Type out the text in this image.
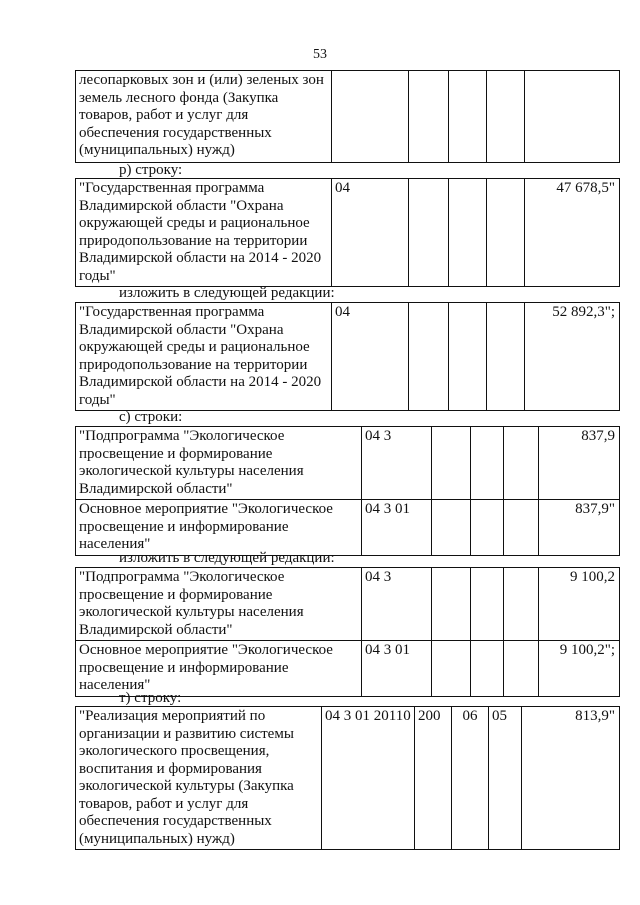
53
лесопарковых зон и (или) зеленых зон земель лесного фонда (Закупка товаров, работ и услуг для обеспечения государственных (муниципальных) нужд)					
р) строку:
"Государственная программа Владимирской области "Охрана окружающей среды и рациональное природопользование на территории Владимирской области на 2014 - 2020 годы"	04				47 678,5"
изложить в следующей редакции:
"Государственная программа Владимирской области "Охрана окружающей среды и рациональное природопользование на территории Владимирской области на 2014 - 2020 годы"	04				52 892,3";
с) строки:
"Подпрограмма "Экологическое просвещение и формирование экологической культуры населения Владимирской области"	04 3				837,9
Основное мероприятие "Экологическое просвещение и информирование населения"	04 3 01				837,9"
изложить в следующей редакции:
"Подпрограмма "Экологическое просвещение и формирование экологической культуры населения Владимирской области"	04 3				9 100,2
Основное мероприятие "Экологическое просвещение и информирование населения"	04 3 01				9 100,2";
т) строку:
"Реализация мероприятий по организации и развитию системы экологического просвещения, воспитания и формирования экологической культуры (Закупка товаров, работ и услуг для обеспечения государственных (муниципальных) нужд)	04 3 01 20110	200	06	05	813,9"
